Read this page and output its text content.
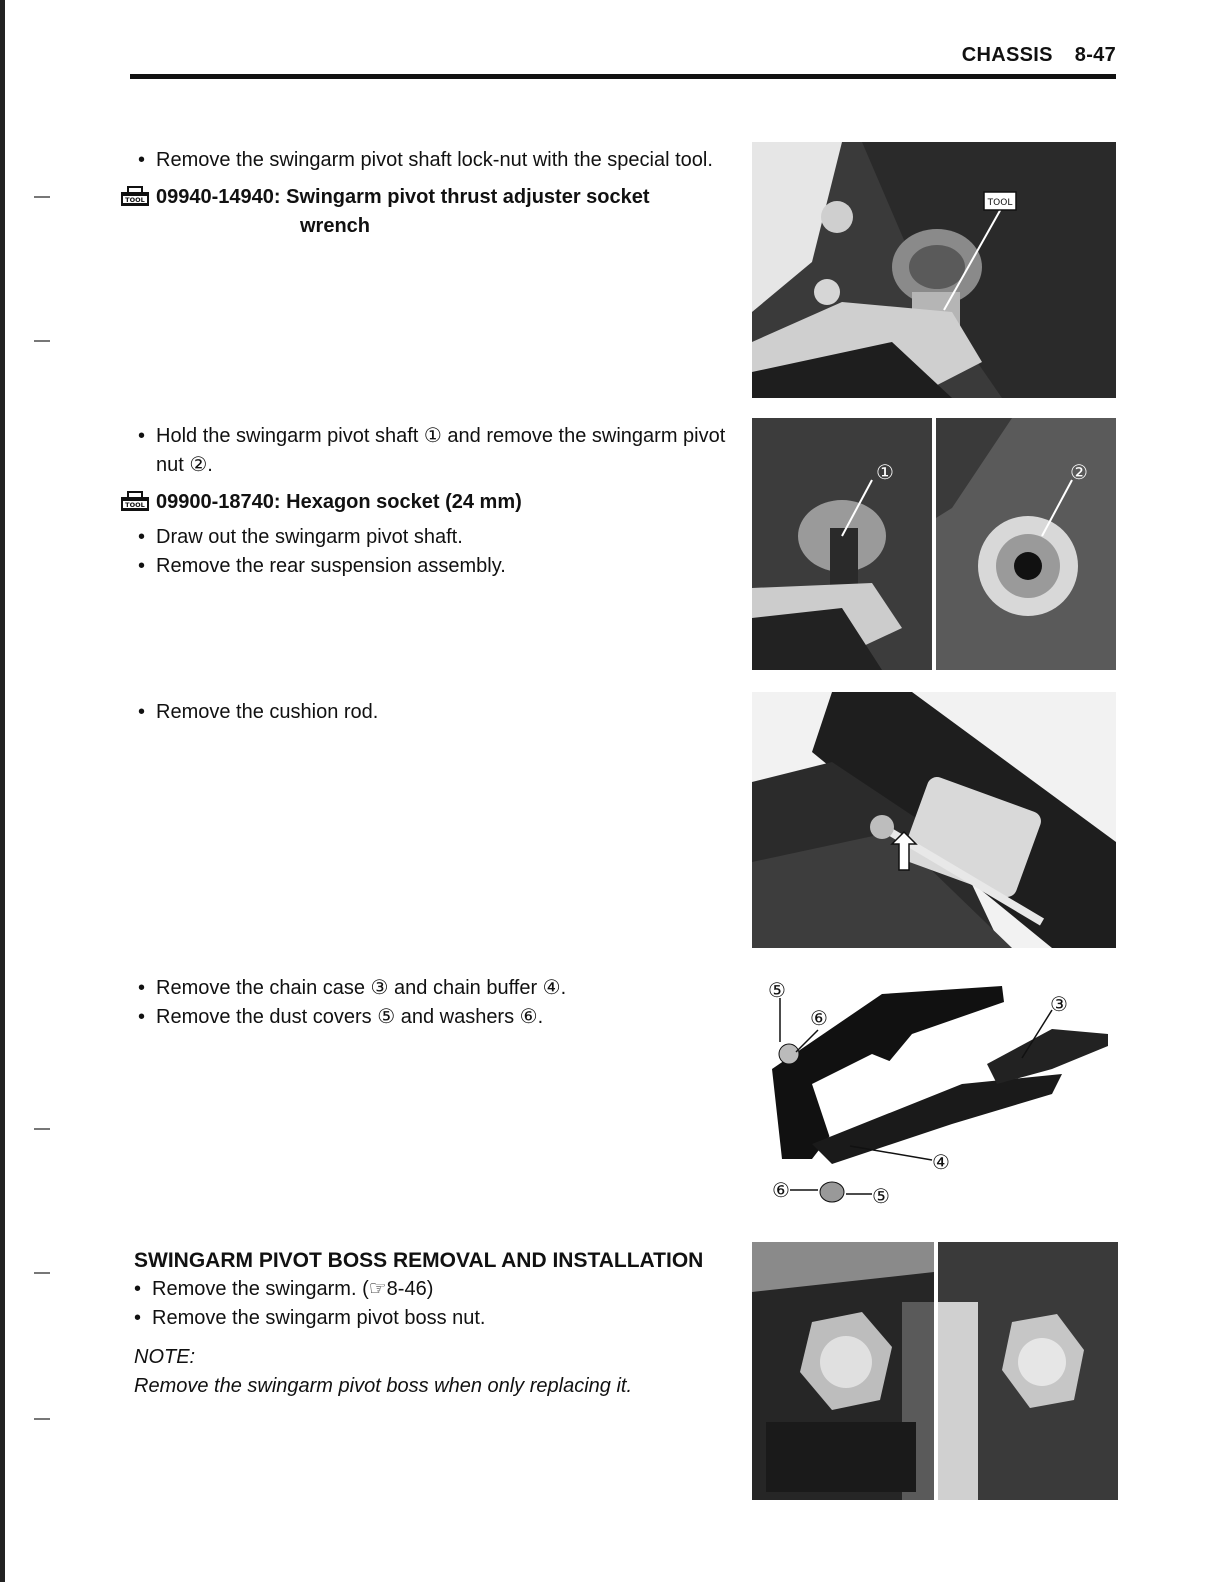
CHASSIS 8-47
• Remove the swingarm pivot shaft lock-nut with the special tool.
TOOL 09940-14940: Swingarm pivot thrust adjuster socket
wrench
• Hold the swingarm pivot shaft ① and remove the swingarm pivot nut ②.
TOOL 09900-18740: Hexagon socket (24 mm)
• Draw out the swingarm pivot shaft.
• Remove the rear suspension assembly.
• Remove the cushion rod.
• Remove the chain case ③ and chain buffer ④.
• Remove the dust covers ⑤ and washers ⑥.
SWINGARM PIVOT BOSS REMOVAL AND INSTALLATION
• Remove the swingarm. (☞8-46)
• Remove the swingarm pivot boss nut.
NOTE:
Remove the swingarm pivot boss when only replacing it.
TOOL
①	②
⑤
⑥
③
④
⑥	⑤
